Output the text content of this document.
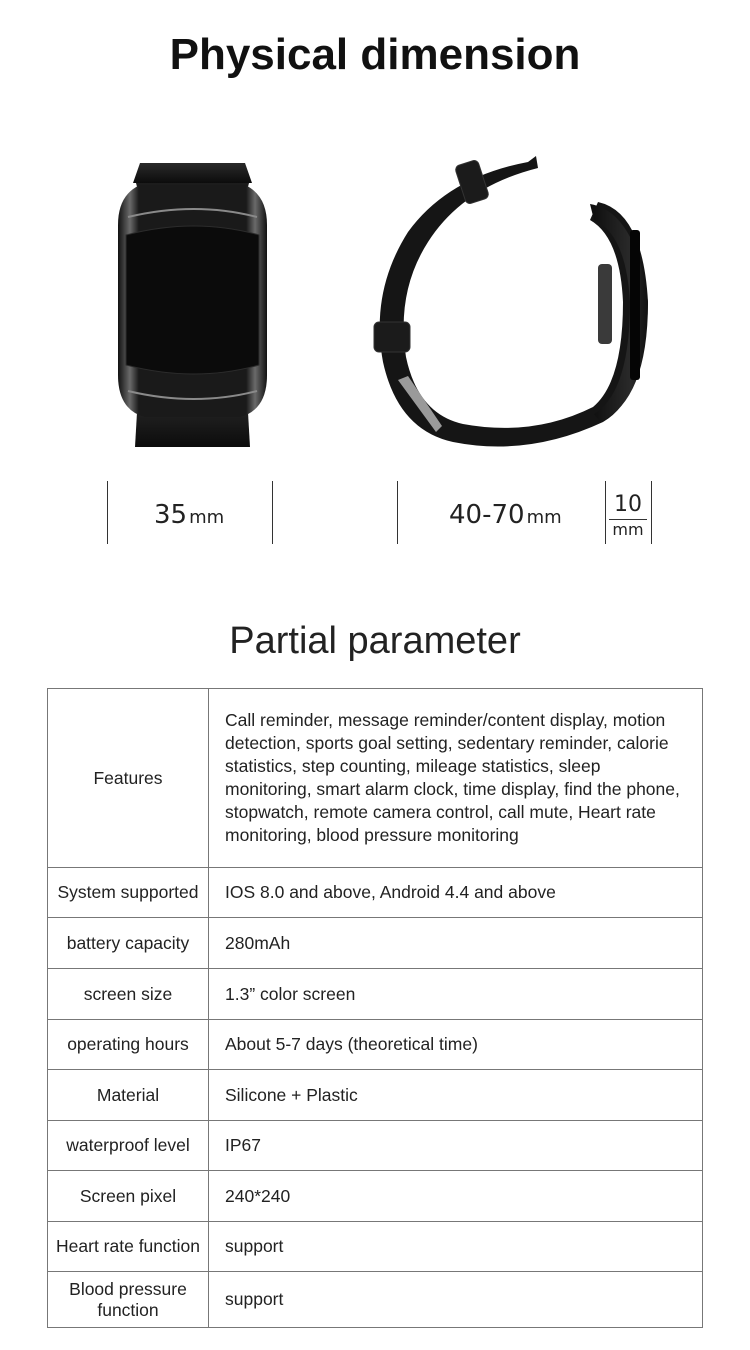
Physical dimension
35 mm	40-70 mm
10
mm
Partial parameter
Features	Call reminder, message reminder/content display, motion detection, sports goal setting, sedentary reminder, calorie statistics, step counting, mileage statistics, sleep monitoring, smart alarm clock, time display, find the phone, stopwatch, remote camera control, call mute, Heart rate monitoring, blood pressure monitoring
System supported	IOS 8.0 and above, Android 4.4 and above
battery capacity	280mAh
screen size	1.3” color screen
operating hours	About 5-7 days (theoretical time)
Material	Silicone + Plastic
waterproof level	IP67
Screen pixel	240*240
Heart rate function	support
Blood pressure function	support
